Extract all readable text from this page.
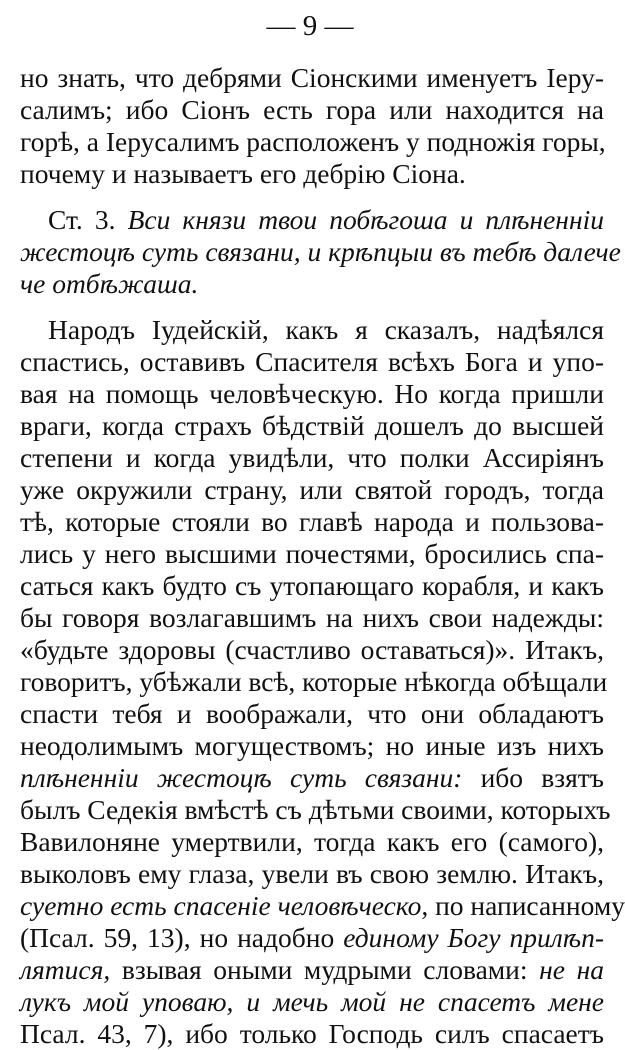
— 9 —
но знать, что дебрями Сіонскими именуетъ Іеру-
салимъ; ибо Сіонъ есть гора или находится на
горѣ, а Іерусалимъ расположенъ у подножія горы,
почему и называетъ его дебрію Сіона.
Ст. 3. Вси князи твои побѣгоша и плѣненніи
жестоцѣ суть связани, и крѣпцыи въ тебѣ далече
че отбѣжаша.
Народъ Іудейскій, какъ я сказалъ, надѣялся
спастись, оставивъ Спасителя всѣхъ Бога и упо-
вая на помощь человѣческую. Но когда пришли
враги, когда страхъ бѣдствій дошелъ до высшей
степени и когда увидѣли, что полки Ассиріянъ
уже окружили страну, или святой городъ, тогда
тѣ, которые стояли во главѣ народа и пользова-
лись у него высшими почестями, бросились спа-
саться какъ будто съ утопающаго корабля, и какъ
бы говоря возлагавшимъ на нихъ свои надежды:
«будьте здоровы (счастливо оставаться)». Итакъ,
говоритъ, убѣжали всѣ, которые нѣкогда обѣщали
спасти тебя и воображали, что они обладаютъ
неодолимымъ могуществомъ; но иные изъ нихъ
плѣненніи жестоцѣ суть связани: ибо взятъ
былъ Седекія вмѣстѣ съ дѣтьми своими, которыхъ
Вавилоняне умертвили, тогда какъ его (самого),
выколовъ ему глаза, увели въ свою землю. Итакъ,
суетно есть спасеніе человѣческо, по написанному
(Псал. 59, 13), но надобно единому Богу прилѣп-
лятися, взывая оными мудрыми словами: не на
лукъ мой уповаю, и мечь мой не спасетъ мене
Псал. 43, 7), ибо только Господь силъ спасаетъ
